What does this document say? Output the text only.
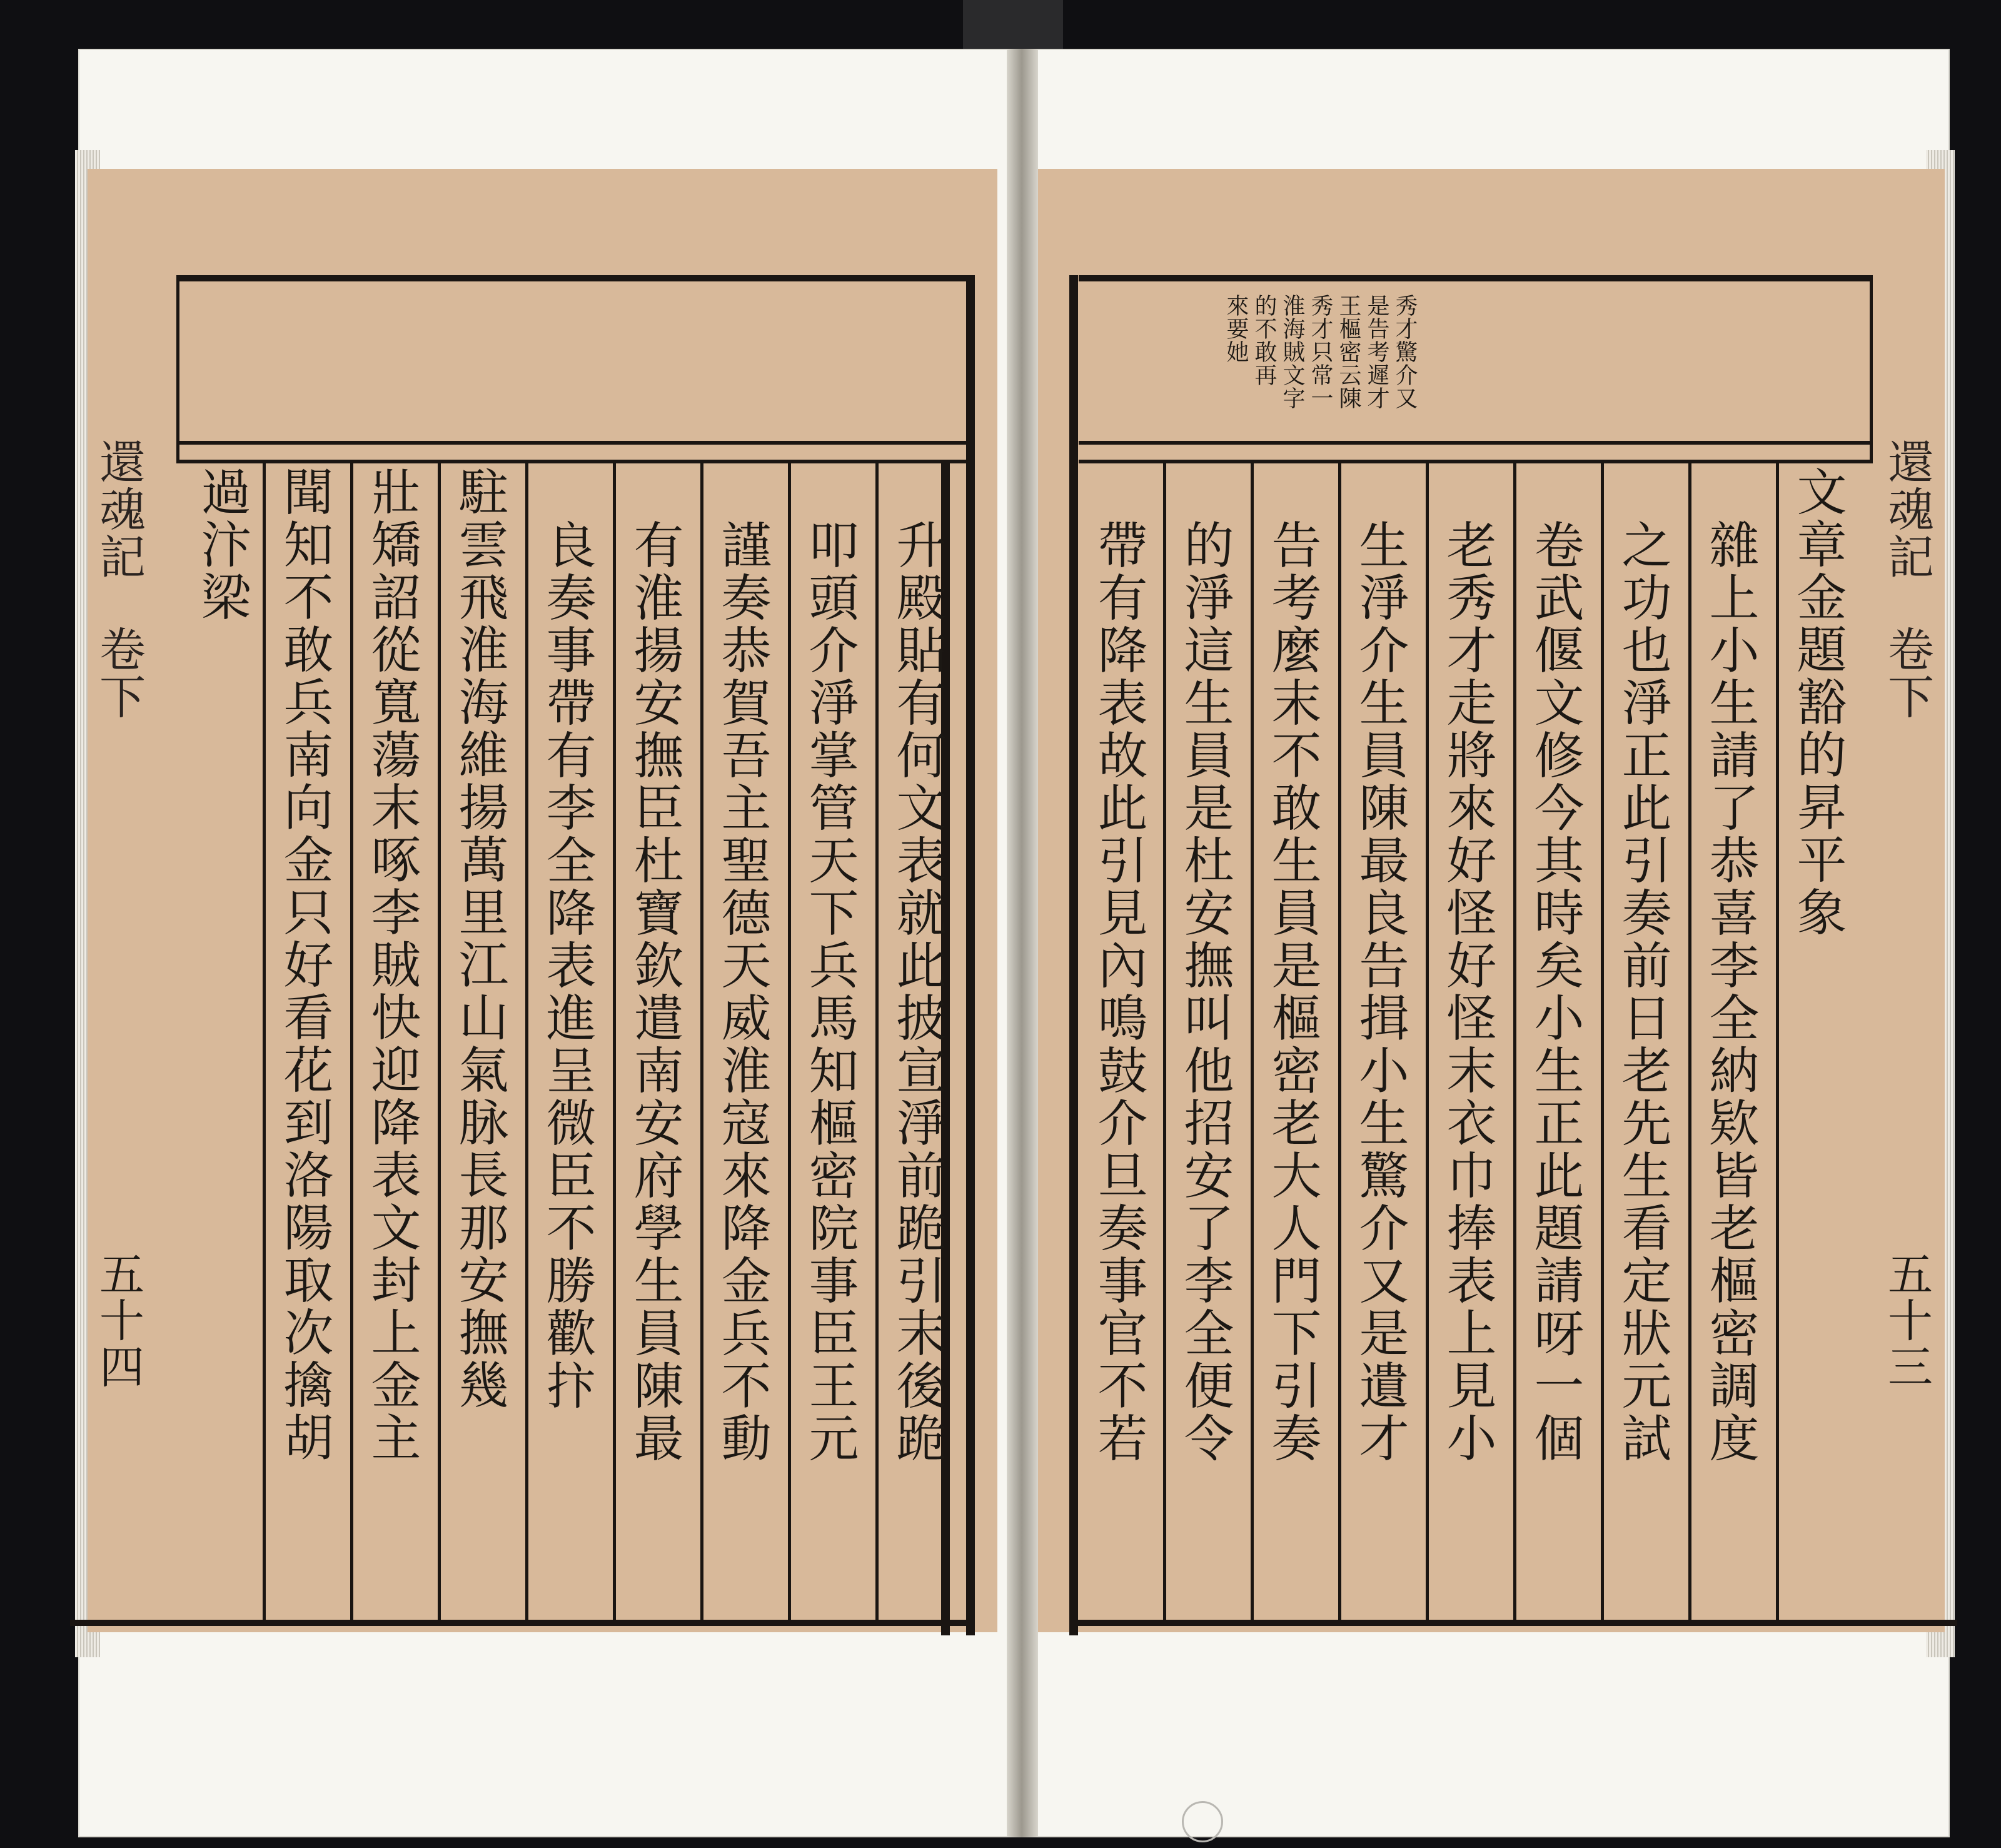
升殿貼有何文表就此披宣淨前跪引末後跪
叩頭介淨掌管天下兵馬知樞密院事臣王元
謹奏恭賀吾主聖德天威淮寇來降金兵不動
有淮揚安撫臣杜寶欽遣南安府學生員陳最
良奏事帶有李全降表進呈微臣不勝歡抃
駐雲飛淮海維揚萬里江山氣脉長那安撫幾
壯矯詔從寬蕩末啄李賊快迎降表文封上金主
聞知不敢兵南向金只好看花到洛陽取次擒胡
過汴梁
還魂記
卷下
五十四
秀才驚介又
是告考遲才
王樞密云陳
秀才只常一
淮海賊文字
的不敢再
來要她
文章金題豁的昇平象
雜上小生請了恭喜李全納欵皆老樞密調度
之功也淨正此引奏前日老先生看定狀元試
卷武偃文修今其時矣小生正此題請呀一個
老秀才走將來好怪好怪末衣巾捧表上見小
生淨介生員陳最良告揖小生驚介又是遺才
告考麼末不敢生員是樞密老大人門下引奏
的淨這生員是杜安撫叫他招安了李全便令
帶有降表故此引見內鳴鼓介旦奏事官不若
還魂記
卷下
五十三
